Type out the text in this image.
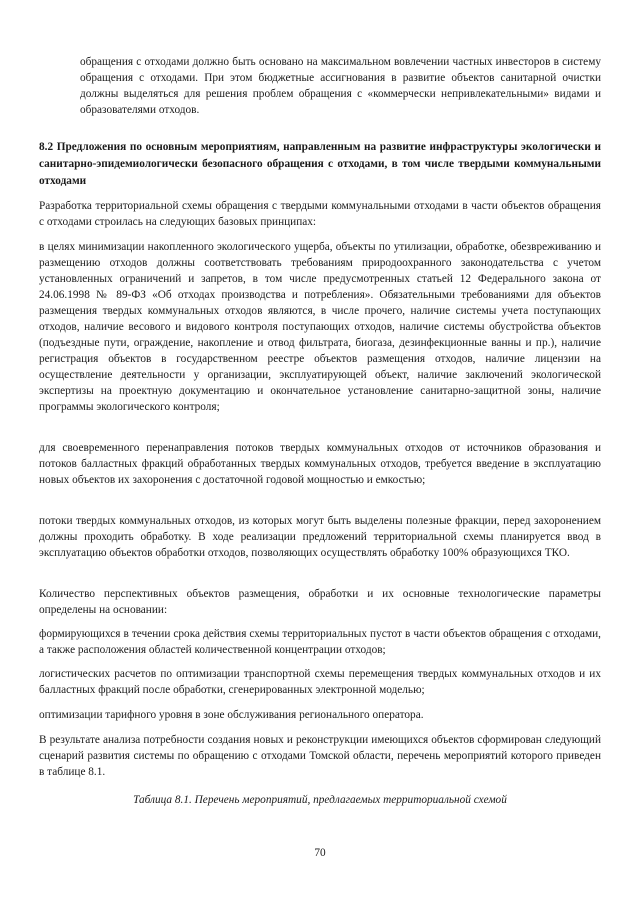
обращения с отходами должно быть основано на максимальном вовлечении частных инвесторов в систему обращения с отходами. При этом бюджетные ассигнования в развитие объектов санитарной очистки должны выделяться для решения проблем обращения с «коммерчески непривлекательными» видами и образователями отходов.

8.2 Предложения по основным мероприятиям, направленным на развитие инфраструктуры экологически и санитарно-эпидемиологически безопасного обращения с отходами, в том числе твердыми коммунальными отходами

Разработка территориальной схемы обращения с твердыми коммунальными отходами в части объектов обращения с отходами строилась на следующих базовых принципах:

в целях минимизации накопленного экологического ущерба, объекты по утилизации, обработке, обезвреживанию и размещению отходов должны соответствовать требованиям природоохранного законодательства с учетом установленных ограничений и запретов, в том числе предусмотренных статьей 12 Федерального закона от 24.06.1998 № 89-ФЗ «Об отходах производства и потребления». Обязательными требованиями для объектов размещения твердых коммунальных отходов являются, в числе прочего, наличие системы учета поступающих отходов, наличие весового и видового контроля поступающих отходов, наличие системы обустройства объектов (подъездные пути, ограждение, накопление и отвод фильтрата, биогаза, дезинфекционные ванны и пр.), наличие регистрация объектов в государственном реестре объектов размещения отходов, наличие лицензии на осуществление деятельности у организации, эксплуатирующей объект, наличие заключений экологической экспертизы на проектную документацию и окончательное установление санитарно-защитной зоны, наличие программы экологического контроля;

для своевременного перенаправления потоков твердых коммунальных отходов от источников образования и потоков балластных фракций обработанных твердых коммунальных отходов, требуется введение в эксплуатацию новых объектов их захоронения с достаточной годовой мощностью и емкостью;

потоки твердых коммунальных отходов, из которых могут быть выделены полезные фракции, перед захоронением должны проходить обработку. В ходе реализации предложений территориальной схемы планируется ввод в эксплуатацию объектов обработки отходов, позволяющих осуществлять обработку 100% образующихся ТКО.

Количество перспективных объектов размещения, обработки и их основные технологические параметры определены на основании:

формирующихся в течении срока действия схемы территориальных пустот в части объектов обращения с отходами, а также расположения областей количественной концентрации отходов;

логистических расчетов по оптимизации транспортной схемы перемещения твердых коммунальных отходов и их балластных фракций после обработки, сгенерированных электронной моделью;

оптимизации тарифного уровня в зоне обслуживания регионального оператора.

В результате анализа потребности создания новых и реконструкции имеющихся объектов сформирован следующий сценарий развития системы по обращению с отходами Томской области, перечень мероприятий которого приведен в таблице 8.1.

Таблица 8.1. Перечень мероприятий, предлагаемых территориальной схемой
70
